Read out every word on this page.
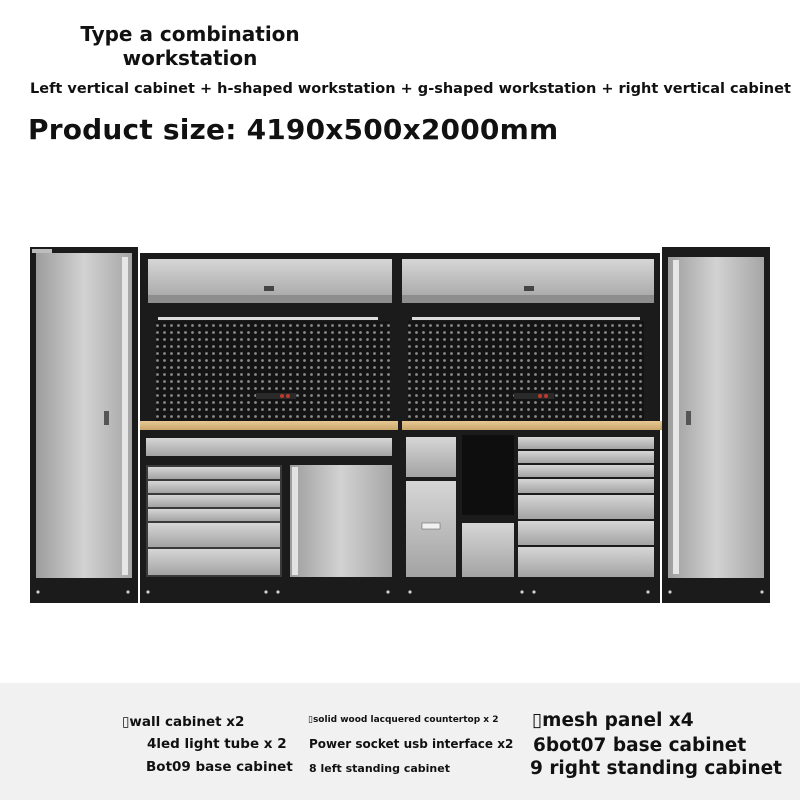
Type a combination
workstation
Left vertical cabinet + h-shaped workstation + g-shaped workstation + right vertical cabinet
Product size: 4190x500x2000mm
▯wall cabinet x2
4led light tube x 2
Bot09 base cabinet
▯solid wood lacquered countertop x 2
Power socket usb interface x2
8 left standing cabinet
▯mesh panel x4
6bot07 base cabinet
9 right standing cabinet
